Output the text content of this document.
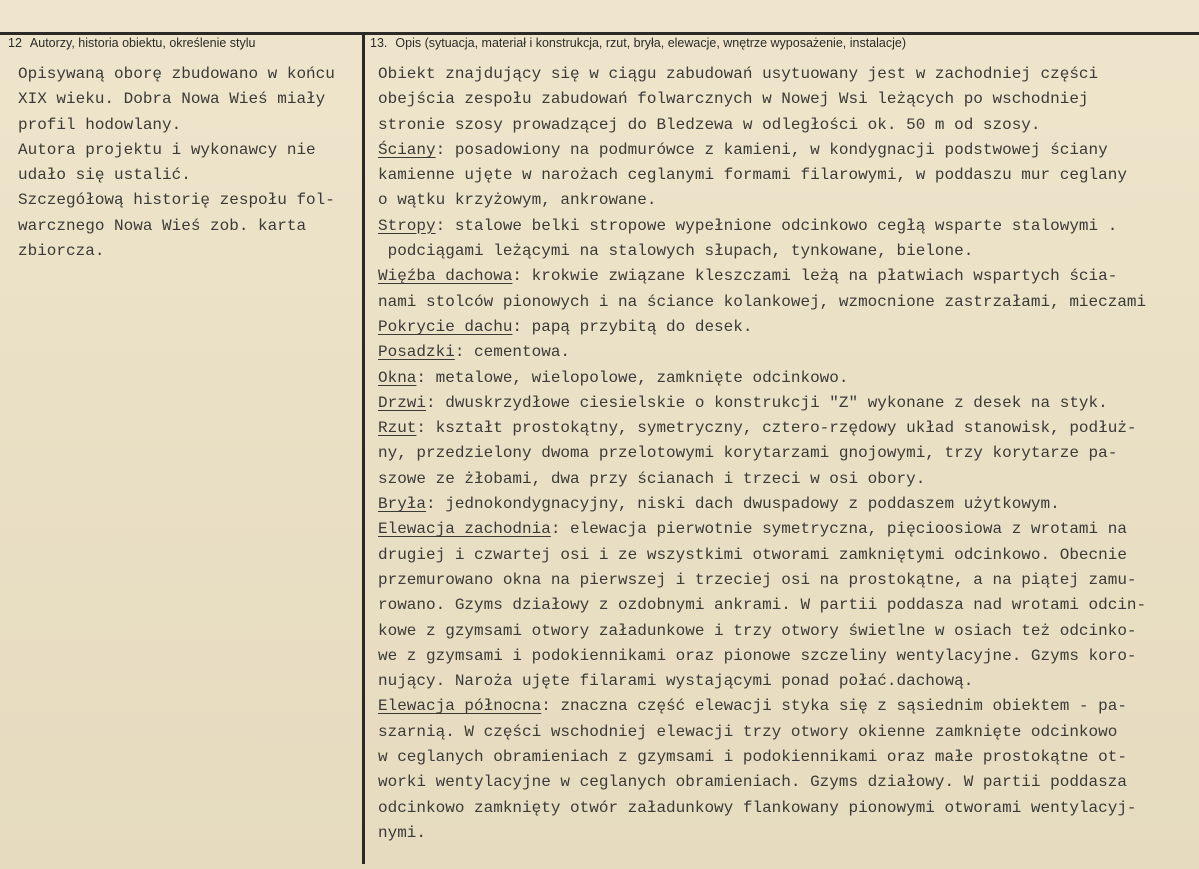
12 Autorzy, historia obiektu, określenie stylu	13. Opis (sytuacja, materiał i konstrukcja, rzut, bryła, elewacje, wnętrze wyposażenie, instalacje)
Opisywaną oborę zbudowano w końcu
XIX wieku. Dobra Nowa Wieś miały
profil hodowlany.
Autora projektu i wykonawcy nie
udało się ustalić.
Szczegółową historię zespołu fol-
warcznego Nowa Wieś zob. karta
zbiorcza.
Obiekt znajdujący się w ciągu zabudowań usytuowany jest w zachodniej części
obejścia zespołu zabudowań folwarcznych w Nowej Wsi leżących po wschodniej
stronie szosy prowadzącej do Bledzewa w odległości ok. 50 m od szosy.
Ściany: posadowiony na podmurówce z kamieni, w kondygnacji podstwowej ściany
kamienne ujęte w narożach ceglanymi formami filarowymi, w poddaszu mur ceglany
o wątku krzyżowym, ankrowane.
Stropy: stalowe belki stropowe wypełnione odcinkowo cegłą wsparte stalowymi .
podciągami leżącymi na stalowych słupach, tynkowane, bielone.
Więźba dachowa: krokwie związane kleszczami leżą na płatwiach wspartych ścia-
nami stolców pionowych i na ściance kolankowej, wzmocnione zastrzałami, mieczami
Pokrycie dachu: papą przybitą do desek.
Posadzki: cementowa.
Okna: metalowe, wielopolowe, zamknięte odcinkowo.
Drzwi: dwuskrzydłowe ciesielskie o konstrukcji "Z" wykonane z desek na styk.
Rzut: kształt prostokątny, symetryczny, cztero-rzędowy układ stanowisk, podłuż-
ny, przedzielony dwoma przelotowymi korytarzami gnojowymi, trzy korytarze pa-
szowe ze żłobami, dwa przy ścianach i trzeci w osi obory.
Bryła: jednokondygnacyjny, niski dach dwuspadowy z poddaszem użytkowym.
Elewacja zachodnia: elewacja pierwotnie symetryczna, pięcioosiowa z wrotami na
drugiej i czwartej osi i ze wszystkimi otworami zamkniętymi odcinkowo. Obecnie
przemurowano okna na pierwszej i trzeciej osi na prostokątne, a na piątej zamu-
rowano. Gzyms działowy z ozdobnymi ankrami. W partii poddasza nad wrotami odcin-
kowe z gzymsami otwory załadunkowe i trzy otwory świetlne w osiach też odcinko-
we z gzymsami i podokiennikami oraz pionowe szczeliny wentylacyjne. Gzyms koro-
nujący. Naroża ujęte filarami wystającymi ponad połać.dachową.
Elewacja północna: znaczna część elewacji styka się z sąsiednim obiektem - pa-
szarnią. W części wschodniej elewacji trzy otwory okienne zamknięte odcinkowo
w ceglanych obramieniach z gzymsami i podokiennikami oraz małe prostokątne ot-
worki wentylacyjne w ceglanych obramieniach. Gzyms działowy. W partii poddasza
odcinkowo zamknięty otwór załadunkowy flankowany pionowymi otworami wentylacyj-
nymi.
